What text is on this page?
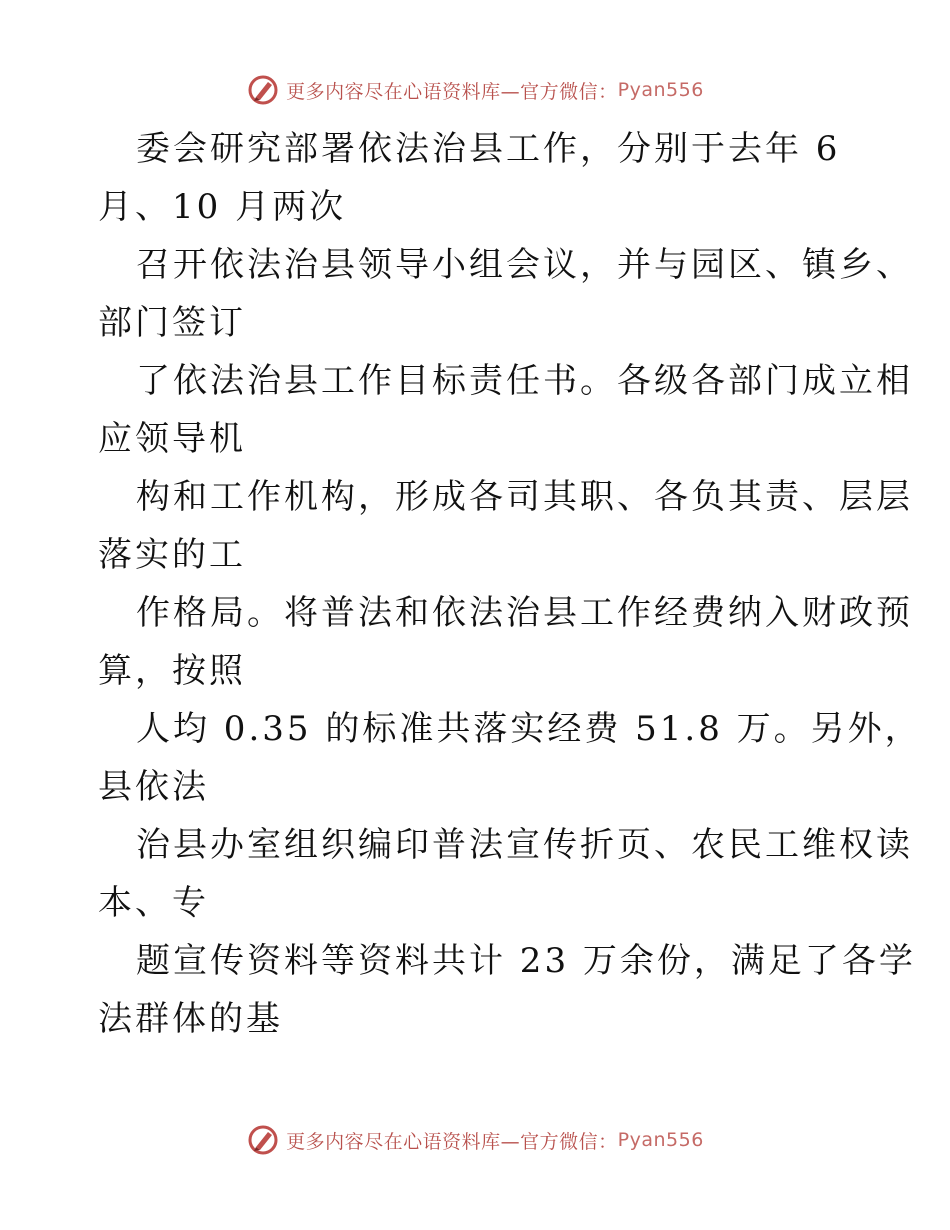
更多内容尽在心语资料库—官方微信： Pyan556
委会研究部署依法治县工作，分别于去年 6
月、10 月两次
召开依法治县领导小组会议，并与园区、镇乡、
部门签订
了依法治县工作目标责任书。各级各部门成立相
应领导机
构和工作机构，形成各司其职、各负其责、层层
落实的工
作格局。将普法和依法治县工作经费纳入财政预
算，按照
人均 0.35 的标准共落实经费 51.8 万。另外，
县依法
治县办室组织编印普法宣传折页、农民工维权读
本、专
题宣传资料等资料共计 23 万余份，满足了各学
法群体的基
更多内容尽在心语资料库—官方微信： Pyan556
